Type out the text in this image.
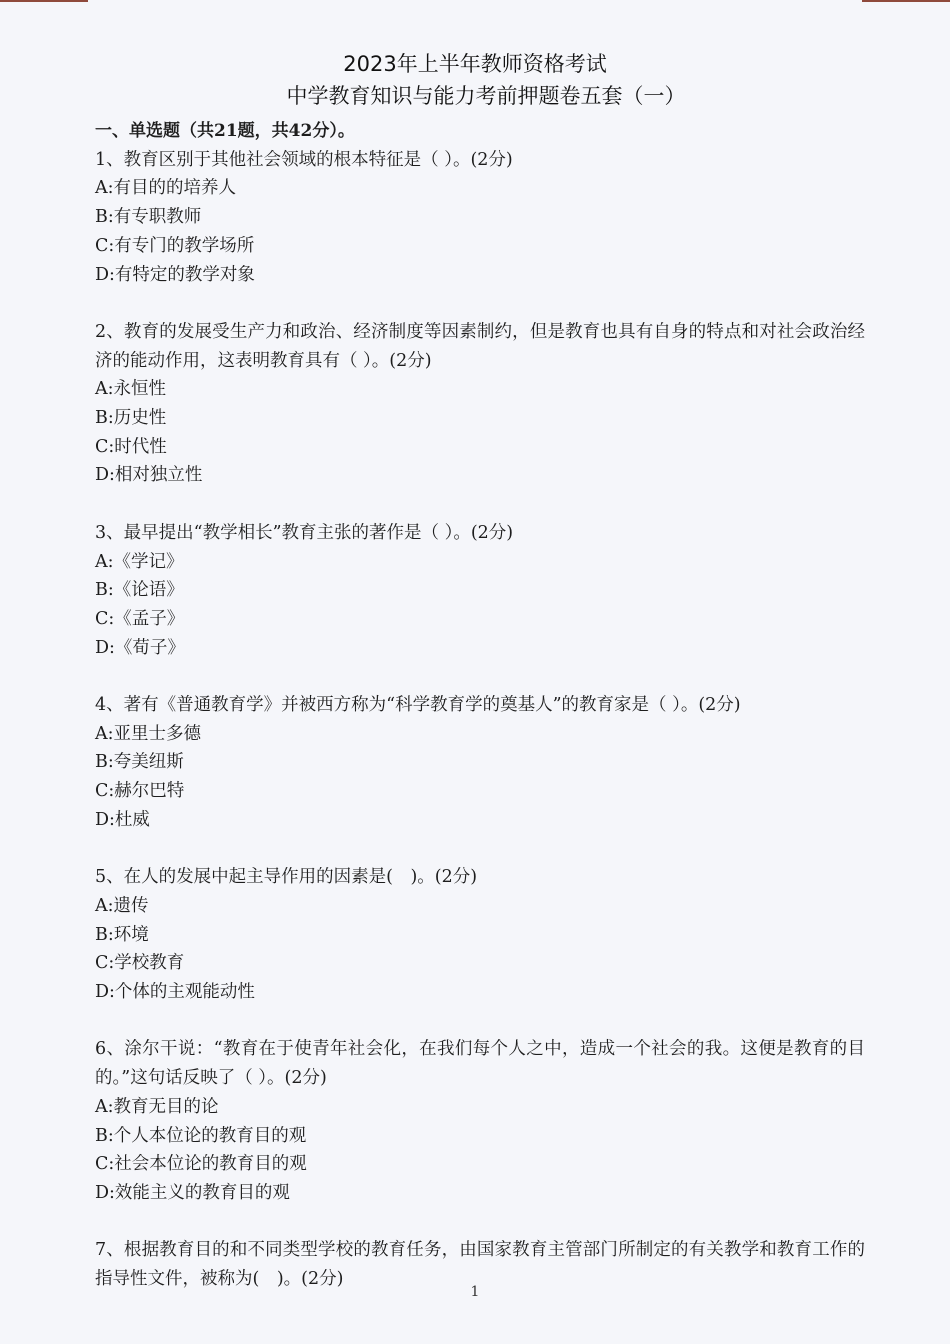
2023年上半年教师资格考试
中学教育知识与能力考前押题卷五套（一）
一、单选题（共21题，共42分）。
1、教育区别于其他社会领域的根本特征是（ ）。(2分)
A:有目的的培养人
B:有专职教师
C:有专门的教学场所
D:有特定的教学对象
2、教育的发展受生产力和政治、经济制度等因素制约，但是教育也具有自身的特点和对社会政治经济的能动作用，这表明教育具有（ ）。(2分)
A:永恒性
B:历史性
C:时代性
D:相对独立性
3、最早提出“教学相长”教育主张的著作是（ ）。(2分)
A:《学记》
B:《论语》
C:《孟子》
D:《荀子》
4、著有《普通教育学》并被西方称为“科学教育学的奠基人”的教育家是（ ）。(2分)
A:亚里士多德
B:夸美纽斯
C:赫尔巴特
D:杜威
5、在人的发展中起主导作用的因素是(　)。(2分)
A:遗传
B:环境
C:学校教育
D:个体的主观能动性
6、涂尔干说：“教育在于使青年社会化，在我们每个人之中，造成一个社会的我。这便是教育的目的。”这句话反映了（ ）。(2分)
A:教育无目的论
B:个人本位论的教育目的观
C:社会本位论的教育目的观
D:效能主义的教育目的观
7、根据教育目的和不同类型学校的教育任务，由国家教育主管部门所制定的有关教学和教育工作的指导性文件，被称为(　)。(2分)
1
